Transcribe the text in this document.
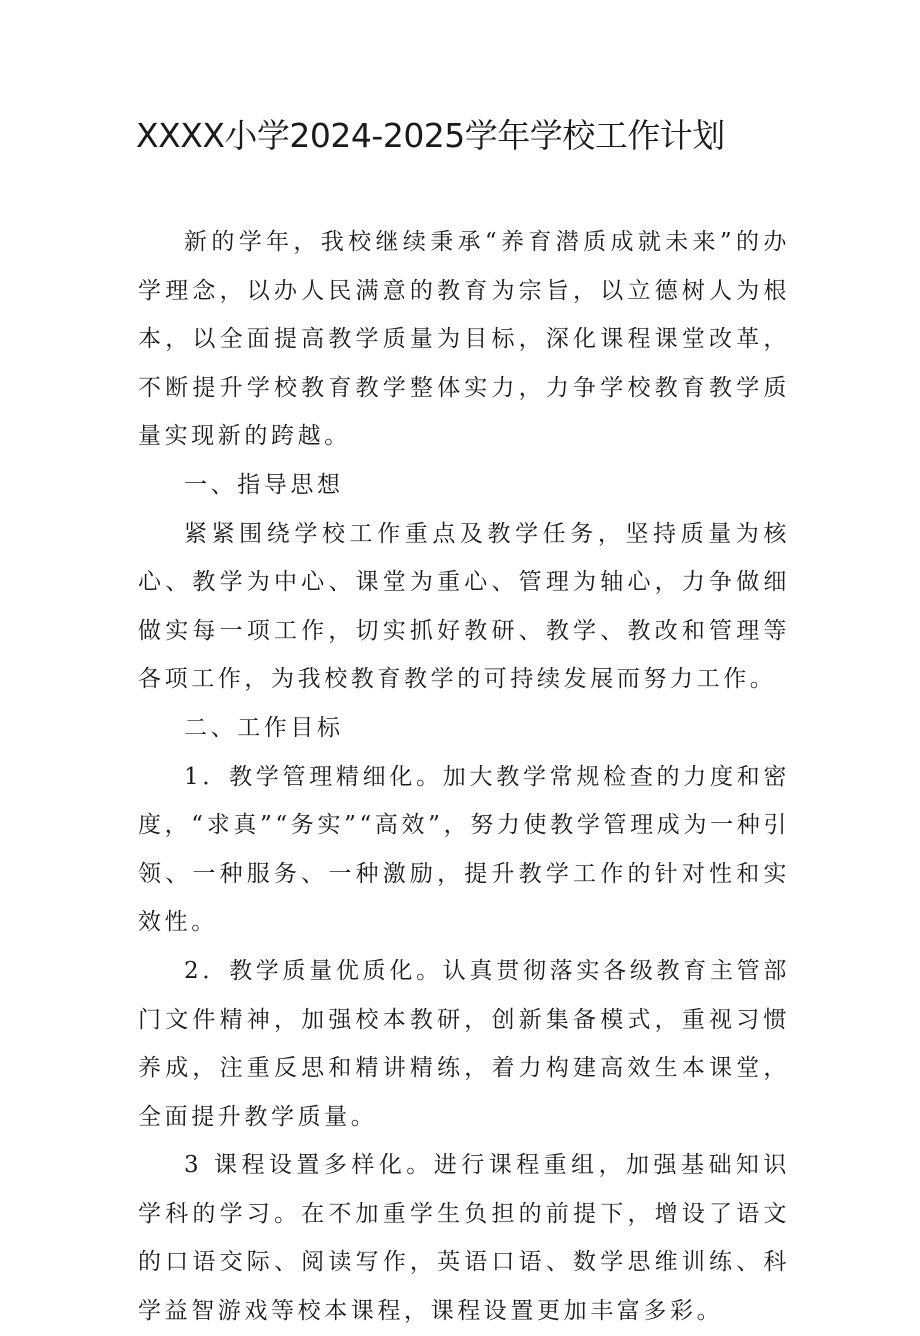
XXXX小学2024-2025学年学校工作计划

新的学年，我校继续秉承“养育潜质成就未来”的办学理念，以办人民满意的教育为宗旨，以立德树人为根本，以全面提高教学质量为目标，深化课程课堂改革，不断提升学校教育教学整体实力，力争学校教育教学质量实现新的跨越。

一、指导思想

紧紧围绕学校工作重点及教学任务，坚持质量为核心、教学为中心、课堂为重心、管理为轴心，力争做细做实每一项工作，切实抓好教研、教学、教改和管理等各项工作，为我校教育教学的可持续发展而努力工作。

二、工作目标

1．教学管理精细化。加大教学常规检查的力度和密度，“求真”“务实”“高效”，努力使教学管理成为一种引领、一种服务、一种激励，提升教学工作的针对性和实效性。

2．教学质量优质化。认真贯彻落实各级教育主管部门文件精神，加强校本教研，创新集备模式，重视习惯养成，注重反思和精讲精练，着力构建高效生本课堂，全面提升教学质量。

3 课程设置多样化。进行课程重组，加强基础知识学科的学习。在不加重学生负担的前提下，增设了语文的口语交际、阅读写作，英语口语、数学思维训练、科学益智游戏等校本课程，课程设置更加丰富多彩。
